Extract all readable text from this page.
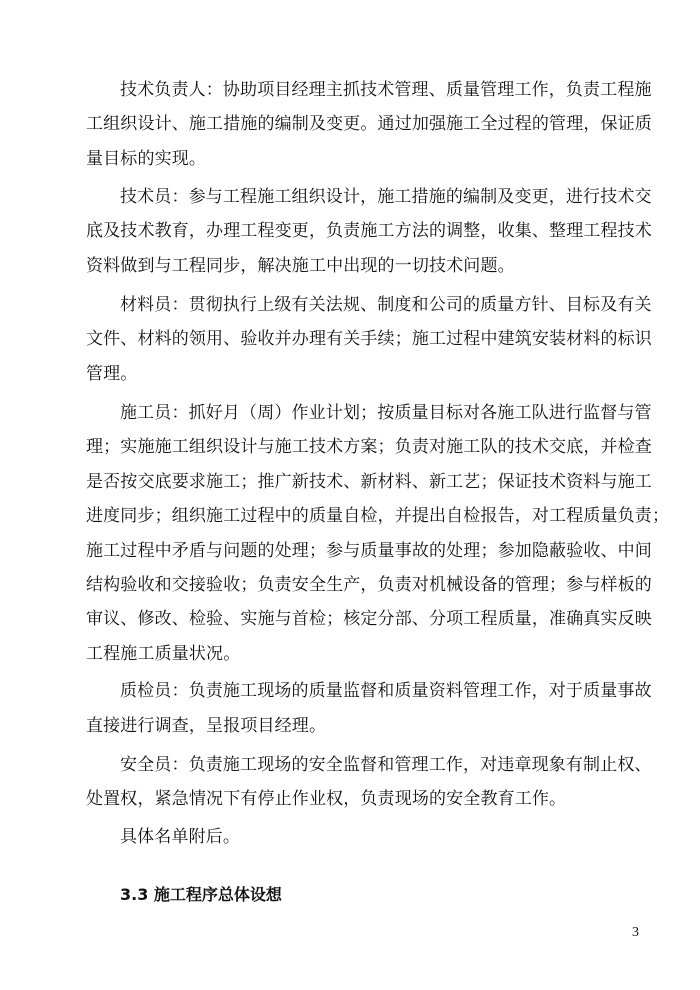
技术负责人：协助项目经理主抓技术管理、质量管理工作，负责工程施
工组织设计、施工措施的编制及变更。通过加强施工全过程的管理，保证质
量目标的实现。
技术员：参与工程施工组织设计，施工措施的编制及变更，进行技术交
底及技术教育，办理工程变更，负责施工方法的调整，收集、整理工程技术
资料做到与工程同步，解决施工中出现的一切技术问题。
材料员：贯彻执行上级有关法规、制度和公司的质量方针、目标及有关
文件、材料的领用、验收并办理有关手续；施工过程中建筑安装材料的标识
管理。
施工员：抓好月（周）作业计划；按质量目标对各施工队进行监督与管
理；实施施工组织设计与施工技术方案；负责对施工队的技术交底，并检查
是否按交底要求施工；推广新技术、新材料、新工艺；保证技术资料与施工
进度同步；组织施工过程中的质量自检，并提出自检报告，对工程质量负责；
施工过程中矛盾与问题的处理；参与质量事故的处理；参加隐蔽验收、中间
结构验收和交接验收；负责安全生产，负责对机械设备的管理；参与样板的
审议、修改、检验、实施与首检；核定分部、分项工程质量，准确真实反映
工程施工质量状况。
质检员：负责施工现场的质量监督和质量资料管理工作，对于质量事故
直接进行调查，呈报项目经理。
安全员：负责施工现场的安全监督和管理工作，对违章现象有制止权、
处置权，紧急情况下有停止作业权，负责现场的安全教育工作。
具体名单附后。
3.3 施工程序总体设想
3
